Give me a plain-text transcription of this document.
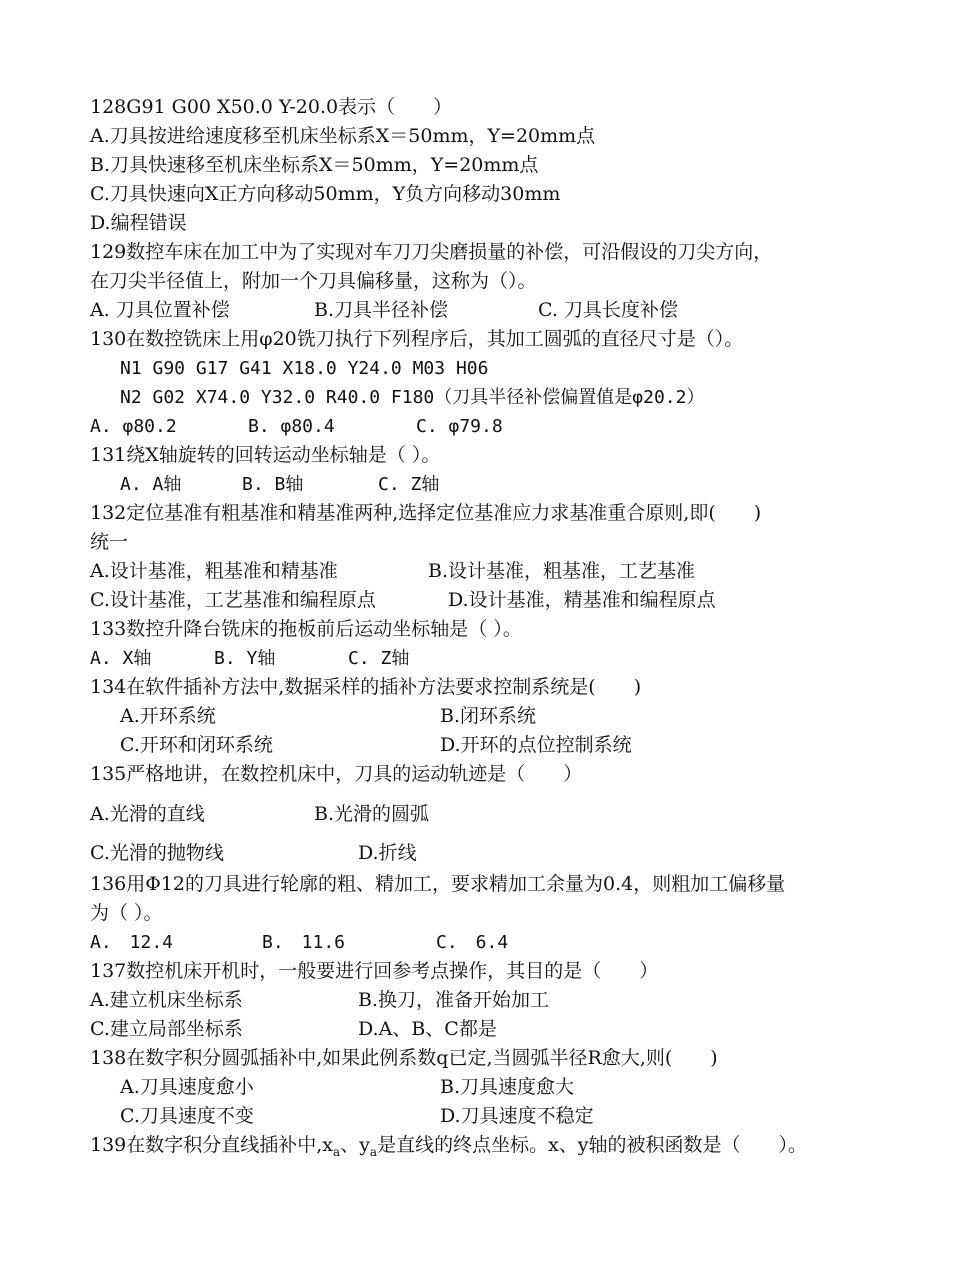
128G91 G00 X50.0 Y-20.0表示（　　）
A.刀具按进给速度移至机床坐标系X＝50mm，Y=20mm点
B.刀具快速移至机床坐标系X＝50mm，Y=20mm点
C.刀具快速向X正方向移动50mm，Y负方向移动30mm
D.编程错误
129数控车床在加工中为了实现对车刀刀尖磨损量的补偿，可沿假设的刀尖方向，
在刀尖半径值上，附加一个刀具偏移量，这称为（）。
A. 刀具位置补偿	B.刀具半径补偿	C. 刀具长度补偿
130在数控铣床上用φ20铣刀执行下列程序后，其加工圆弧的直径尺寸是（）。
N1 G90 G17 G41 X18.0 Y24.0 M03 H06
N2 G02 X74.0 Y32.0 R40.0 F180（刀具半径补偿偏置值是φ20.2）
A. φ80.2	B. φ80.4	C. φ79.8
131绕X轴旋转的回转运动坐标轴是（ ）。
A. A轴	B. B轴	C. Z轴
132定位基准有粗基准和精基准两种,选择定位基准应力求基准重合原则,即(　　)
统一
A.设计基准，粗基准和精基准	B.设计基准，粗基准，工艺基准
C.设计基准，工艺基准和编程原点	D.设计基准，精基准和编程原点
133数控升降台铣床的拖板前后运动坐标轴是（ ）。
A. X轴	B. Y轴	C. Z轴
134在软件插补方法中,数据采样的插补方法要求控制系统是(　　)
A.开环系统	B.闭环系统
C.开环和闭环系统	D.开环的点位控制系统
135严格地讲，在数控机床中，刀具的运动轨迹是（　　）
A.光滑的直线	B.光滑的圆弧
C.光滑的抛物线	D.折线
136用Φ12的刀具进行轮廓的粗、精加工，要求精加工余量为0.4，则粗加工偏移量
为（ ）。
A.　12.4	B.　11.6	C.　6.4
137数控机床开机时，一般要进行回参考点操作，其目的是（　　）
A.建立机床坐标系	B.换刀，准备开始加工
C.建立局部坐标系	D.A、B、C都是
138在数字积分圆弧插补中,如果此例系数q已定,当圆弧半径R愈大,则(　　)
A.刀具速度愈小	B.刀具速度愈大
C.刀具速度不变	D.刀具速度不稳定
139在数字积分直线插补中$,x_a$、$y_a$是直线的终点坐标。x、y轴的被积函数是（　　）。
